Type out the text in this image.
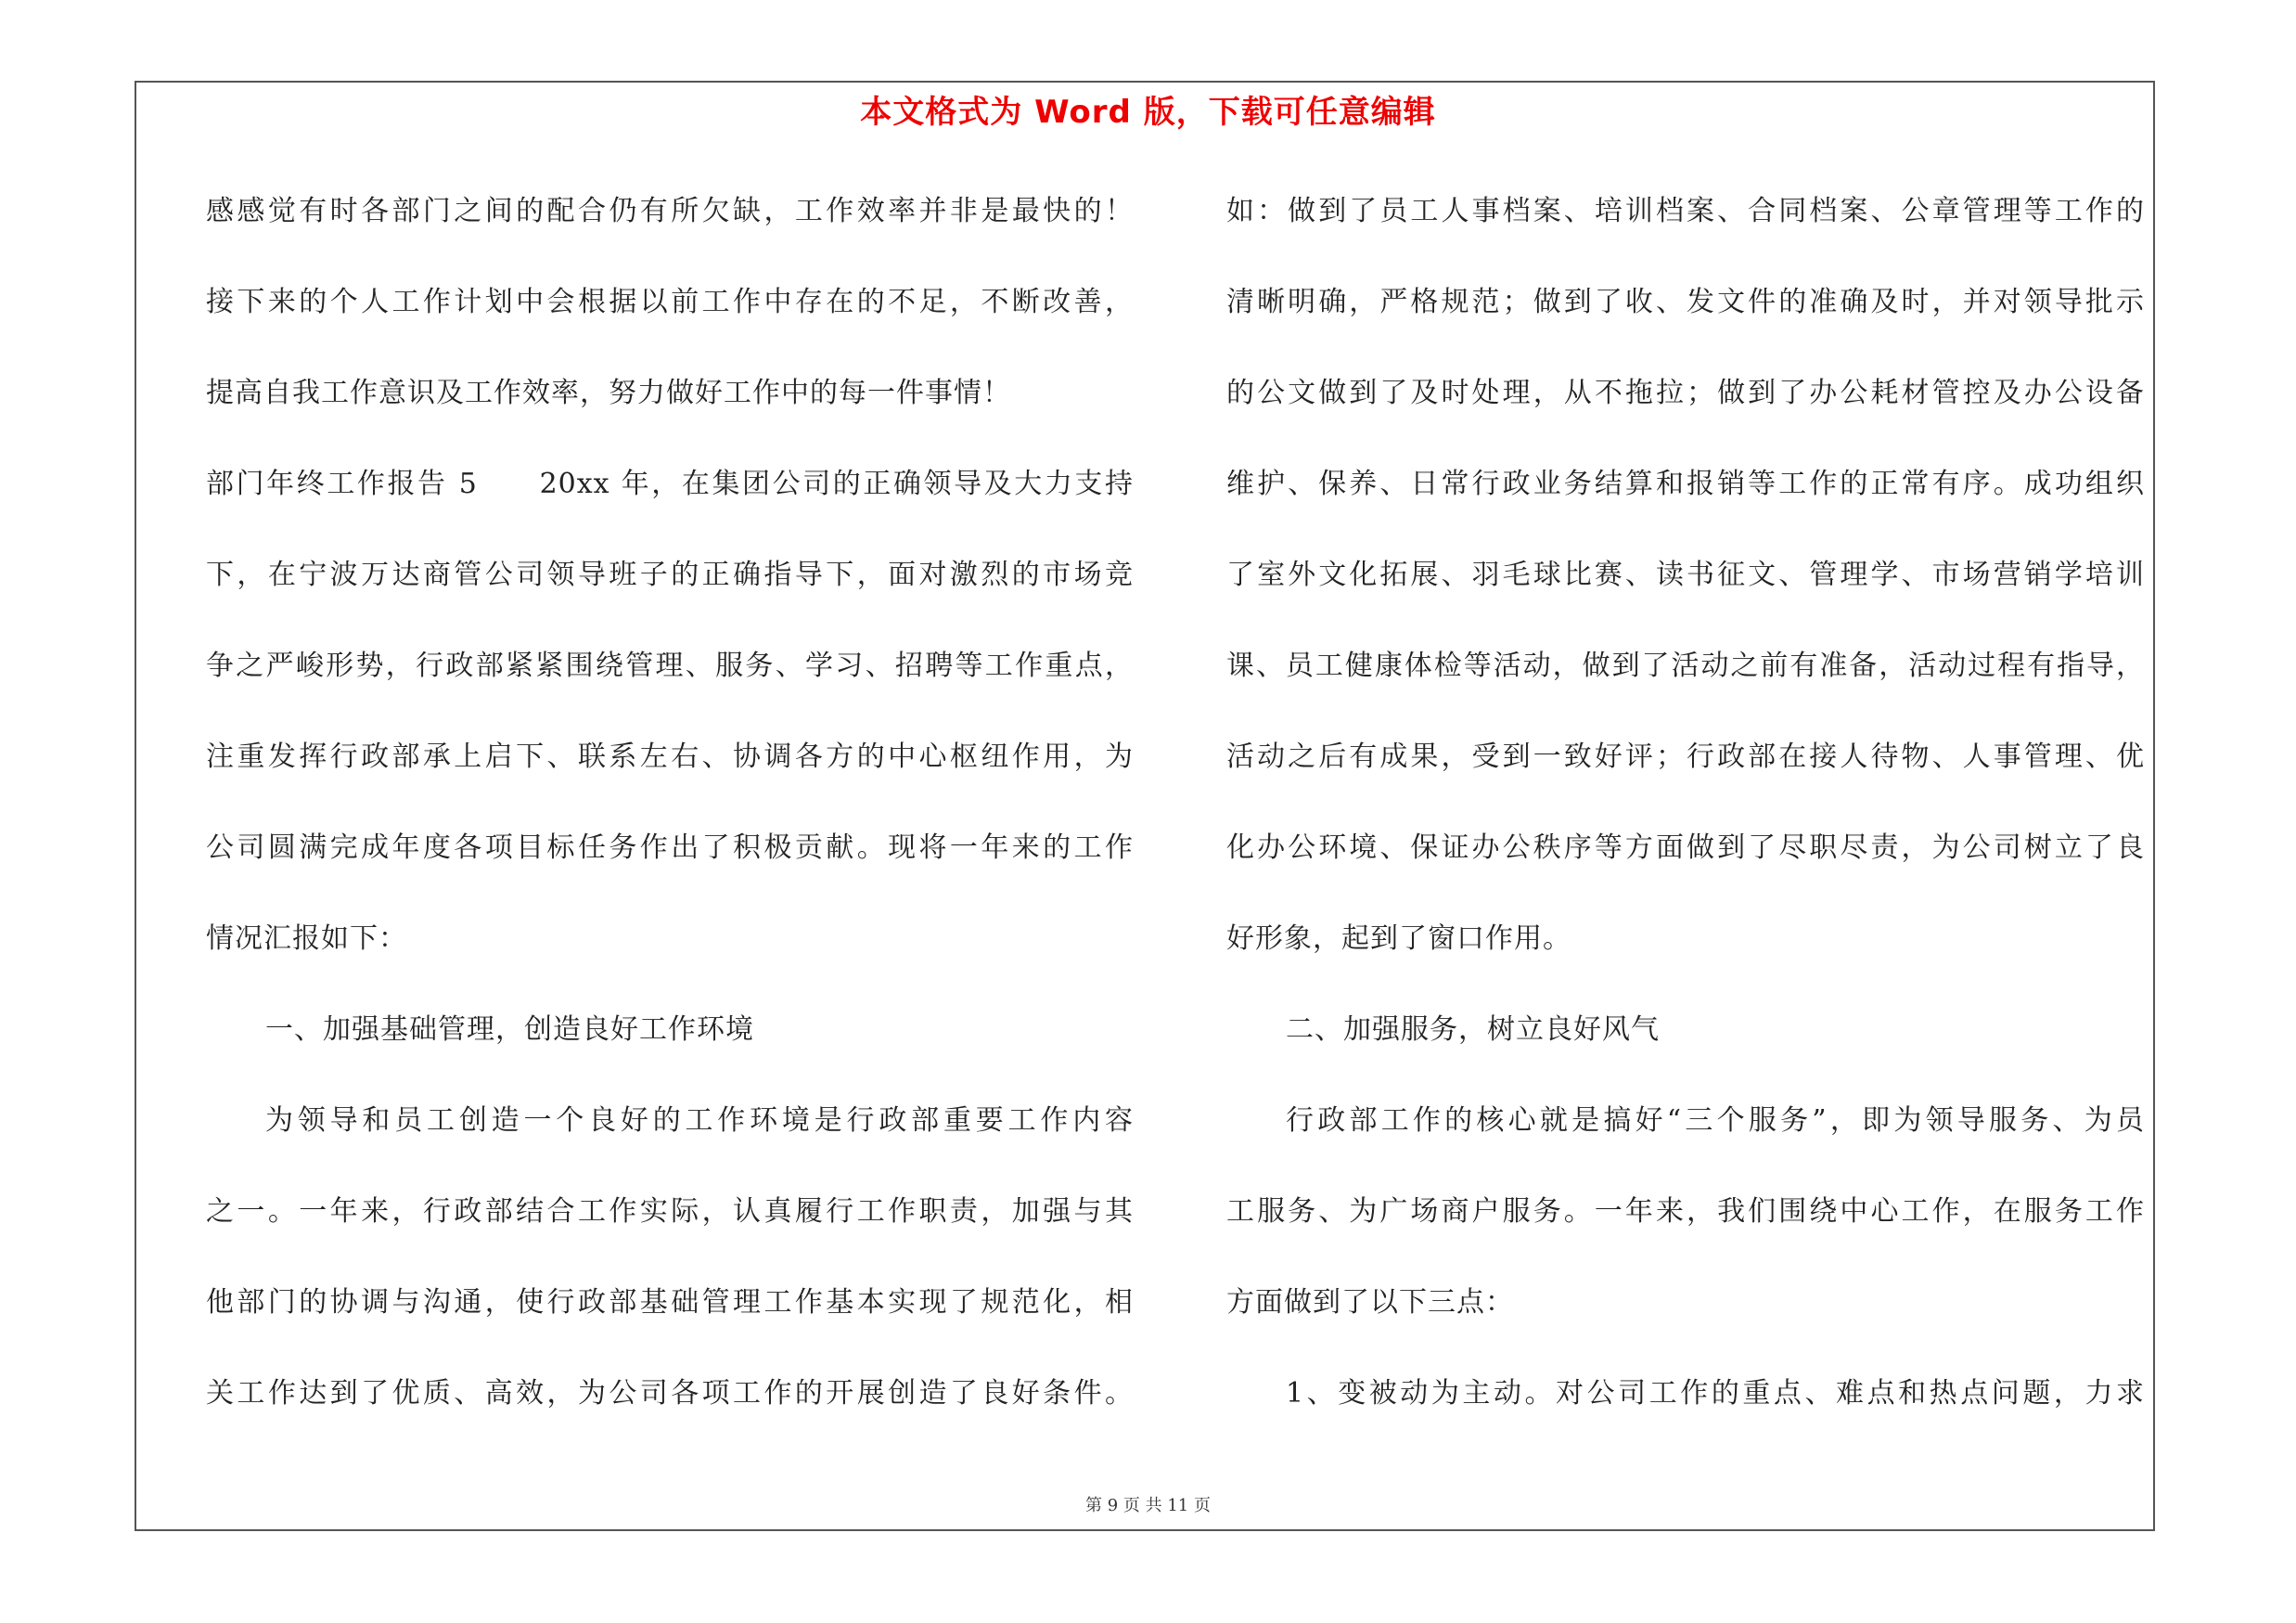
本文格式为 Word 版，下载可任意编辑
感感觉有时各部门之间的配合仍有所欠缺，工作效率并非是最快的！
接下来的个人工作计划中会根据以前工作中存在的不足，不断改善，
提高自我工作意识及工作效率，努力做好工作中的每一件事情！
部门年终工作报告 5　　20xx 年，在集团公司的正确领导及大力支持
下，在宁波万达商管公司领导班子的正确指导下，面对激烈的市场竞
争之严峻形势，行政部紧紧围绕管理、服务、学习、招聘等工作重点，
注重发挥行政部承上启下、联系左右、协调各方的中心枢纽作用，为
公司圆满完成年度各项目标任务作出了积极贡献。现将一年来的工作
情况汇报如下：
一、加强基础管理，创造良好工作环境
为领导和员工创造一个良好的工作环境是行政部重要工作内容
之一。一年来，行政部结合工作实际，认真履行工作职责，加强与其
他部门的协调与沟通，使行政部基础管理工作基本实现了规范化，相
关工作达到了优质、高效，为公司各项工作的开展创造了良好条件。
如：做到了员工人事档案、培训档案、合同档案、公章管理等工作的
清晰明确，严格规范；做到了收、发文件的准确及时，并对领导批示
的公文做到了及时处理，从不拖拉；做到了办公耗材管控及办公设备
维护、保养、日常行政业务结算和报销等工作的正常有序。成功组织
了室外文化拓展、羽毛球比赛、读书征文、管理学、市场营销学培训
课、员工健康体检等活动，做到了活动之前有准备，活动过程有指导，
活动之后有成果，受到一致好评；行政部在接人待物、人事管理、优
化办公环境、保证办公秩序等方面做到了尽职尽责，为公司树立了良
好形象，起到了窗口作用。
二、加强服务，树立良好风气
行政部工作的核心就是搞好“三个服务”，即为领导服务、为员
工服务、为广场商户服务。一年来，我们围绕中心工作，在服务工作
方面做到了以下三点：
1、变被动为主动。对公司工作的重点、难点和热点问题，力求
第 9 页 共 11 页
